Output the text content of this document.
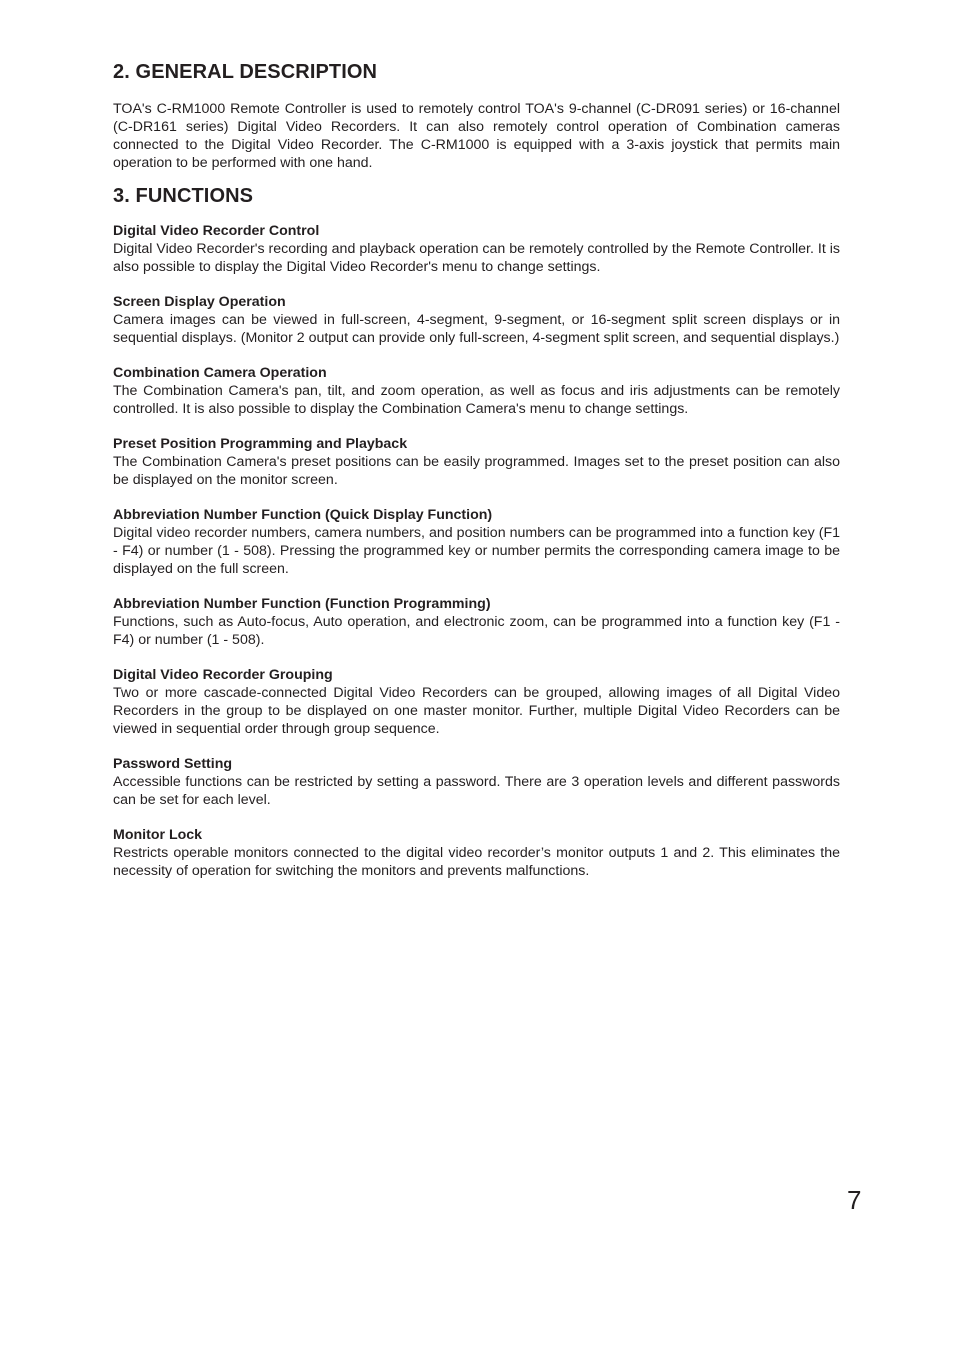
2. GENERAL DESCRIPTION

TOA's C-RM1000 Remote Controller is used to remotely control TOA's 9-channel (C-DR091 series) or 16-channel (C-DR161 series) Digital Video Recorders. It can also remotely control operation of Combination cameras connected to the Digital Video Recorder. The C-RM1000 is equipped with a 3-axis joystick that permits main operation to be performed with one hand.

3. FUNCTIONS

Digital Video Recorder Control

Digital Video Recorder's recording and playback operation can be remotely controlled by the Remote Controller. It is also possible to display the Digital Video Recorder's menu to change settings.

Screen Display Operation

Camera images can be viewed in full-screen, 4-segment, 9-segment, or 16-segment split screen displays or in sequential displays. (Monitor 2 output can provide only full-screen, 4-segment split screen, and sequential displays.)

Combination Camera Operation

The Combination Camera's pan, tilt, and zoom operation, as well as focus and iris adjustments can be remotely controlled. It is also possible to display the Combination Camera's menu to change settings.

Preset Position Programming and Playback

The Combination Camera's preset positions can be easily programmed. Images set to the preset position can also be displayed on the monitor screen.

Abbreviation Number Function (Quick Display Function)

Digital video recorder numbers, camera numbers, and position numbers can be programmed into a function key (F1 - F4) or number (1 - 508). Pressing the programmed key or number permits the corresponding camera image to be displayed on the full screen.

Abbreviation Number Function (Function Programming)

Functions, such as Auto-focus, Auto operation, and electronic zoom, can be programmed into a function key (F1 - F4) or number (1 - 508).

Digital Video Recorder Grouping

Two or more cascade-connected Digital Video Recorders can be grouped, allowing images of all Digital Video Recorders in the group to be displayed on one master monitor. Further, multiple Digital Video Recorders can be viewed in sequential order through group sequence.

Password Setting

Accessible functions can be restricted by setting a password. There are 3 operation levels and different passwords can be set for each level.

Monitor Lock

Restricts operable monitors connected to the digital video recorder’s monitor outputs 1 and 2. This eliminates the necessity of operation for switching the monitors and prevents malfunctions.

7
